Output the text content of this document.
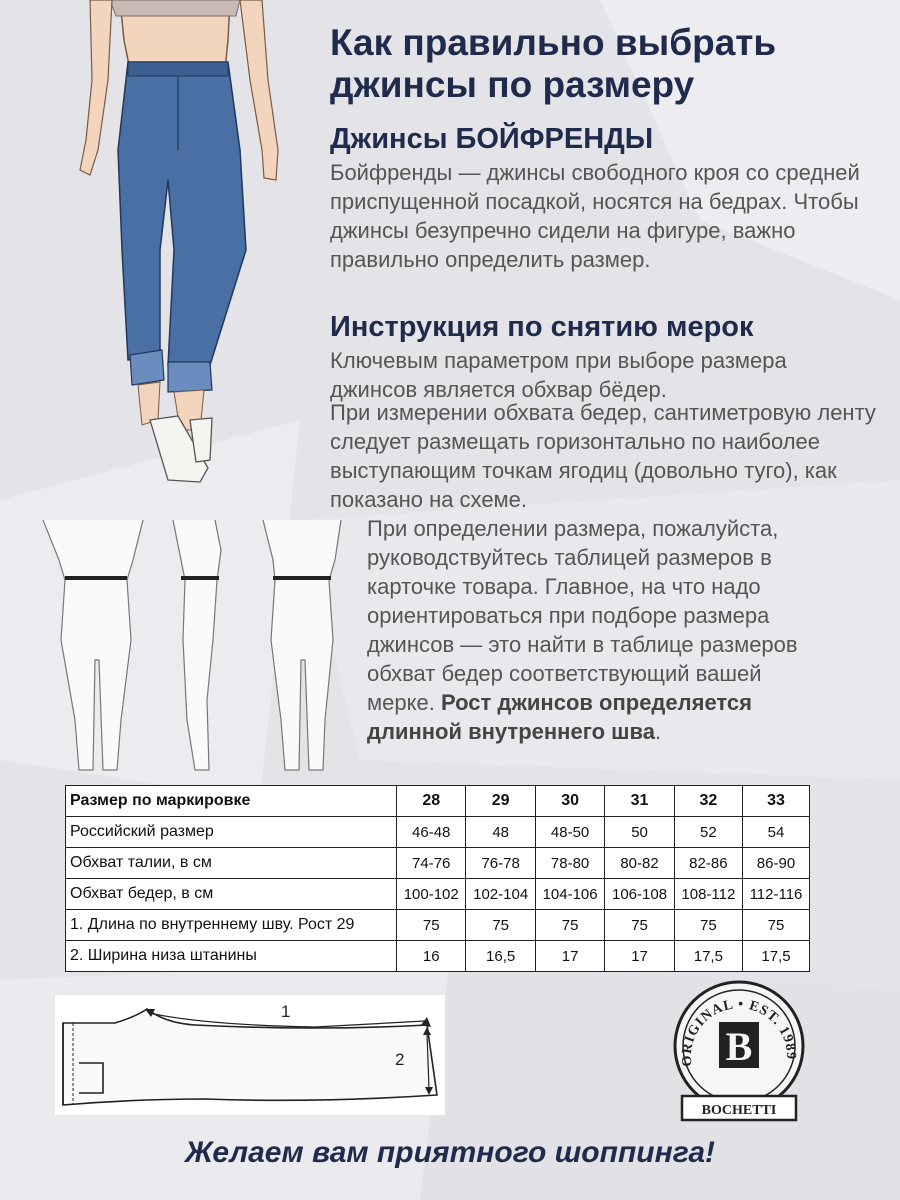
Как правильно выбрать джинсы по размеру
Джинсы БОЙФРЕНДЫ
Бойфренды — джинсы свободного кроя со средней приспущенной посадкой, носятся на бедрах. Чтобы джинсы безупречно сидели на фигуре, важно правильно определить размер.
Инструкция по снятию мерок
Ключевым параметром при выборе размера джинсов является обхвар бёдер.
При измерении обхвата бедер, сантиметровую ленту следует размещать горизонтально по наиболее выступающим точкам ягодиц (довольно туго), как показано на схеме.
При определении размера, пожалуйста, руководствуйтесь таблицей размеров в карточке товара. Главное, на что надо ориентироваться при подборе размера джинсов — это найти в таблице размеров обхват бедер соответствующий вашей мерке. Рост джинсов определяется длинной внутреннего шва.
Размер по маркировке	28	29	30	31	32	33
Российский размер	46-48	48	48-50	50	52	54
Обхват талии, в см	74-76	76-78	78-80	80-82	82-86	86-90
Обхват бедер, в см	100-102	102-104	104-106	106-108	108-112	112-116
1. Длина по внутреннему шву. Рост 29	75	75	75	75	75	75
2. Ширина низа штанины	16	16,5	17	17	17,5	17,5
1
2	ORIGINAL • EST. 1989
B
BOCHETTI
Желаем вам приятного шоппинга!
